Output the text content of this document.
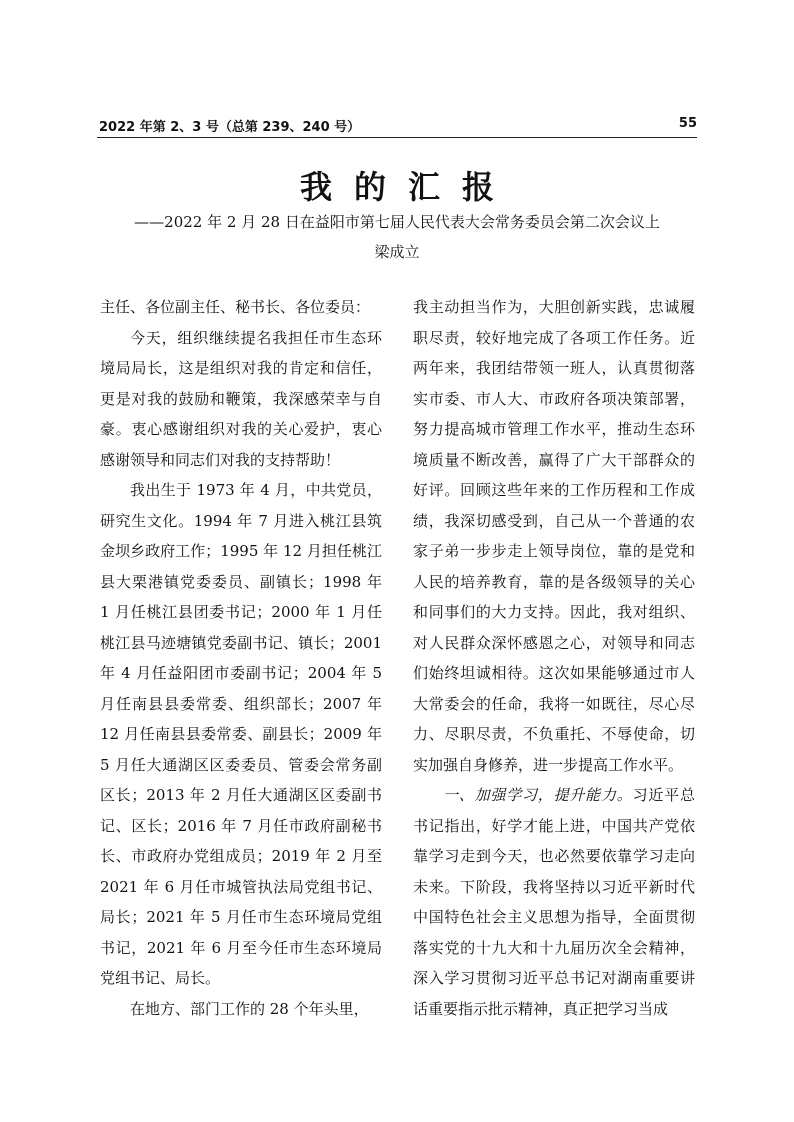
2022 年第 2、3 号（总第 239、240 号）	55
我的汇报
——2022 年 2 月 28 日在益阳市第七届人民代表大会常务委员会第二次会议上
梁成立

主任、各位副主任、秘书长、各位委员：

今天，组织继续提名我担任市生态环境局局长，这是组织对我的肯定和信任，更是对我的鼓励和鞭策，我深感荣幸与自豪。衷心感谢组织对我的关心爱护，衷心感谢领导和同志们对我的支持帮助！

我出生于 1973 年 4 月，中共党员，研究生文化。1994 年 7 月进入桃江县筑金坝乡政府工作；1995 年 12 月担任桃江县大栗港镇党委委员、副镇长；1998 年 1 月任桃江县团委书记；2000 年 1 月任桃江县马迹塘镇党委副书记、镇长；2001 年 4 月任益阳团市委副书记；2004 年 5 月任南县县委常委、组织部长；2007 年 12 月任南县县委常委、副县长；2009 年 5 月任大通湖区区委委员、管委会常务副区长；2013 年 2 月任大通湖区区委副书记、区长；2016 年 7 月任市政府副秘书长、市政府办党组成员；2019 年 2 月至 2021 年 6 月任市城管执法局党组书记、局长；2021 年 5 月任市生态环境局党组书记，2021 年 6 月至今任市生态环境局党组书记、局长。

在地方、部门工作的 28 个年头里，

我主动担当作为，大胆创新实践，忠诚履职尽责，较好地完成了各项工作任务。近两年来，我团结带领一班人，认真贯彻落实市委、市人大、市政府各项决策部署，努力提高城市管理工作水平，推动生态环境质量不断改善，赢得了广大干部群众的好评。回顾这些年来的工作历程和工作成绩，我深切感受到，自己从一个普通的农家子弟一步步走上领导岗位，靠的是党和人民的培养教育，靠的是各级领导的关心和同事们的大力支持。因此，我对组织、对人民群众深怀感恩之心，对领导和同志们始终坦诚相待。这次如果能够通过市人大常委会的任命，我将一如既往，尽心尽力、尽职尽责，不负重托、不辱使命，切实加强自身修养，进一步提高工作水平。

一、加强学习，提升能力。习近平总书记指出，好学才能上进，中国共产党依靠学习走到今天，也必然要依靠学习走向未来。下阶段，我将坚持以习近平新时代中国特色社会主义思想为指导，全面贯彻落实党的十九大和十九届历次全会精神，深入学习贯彻习近平总书记对湖南重要讲话重要指示批示精神，真正把学习当成
